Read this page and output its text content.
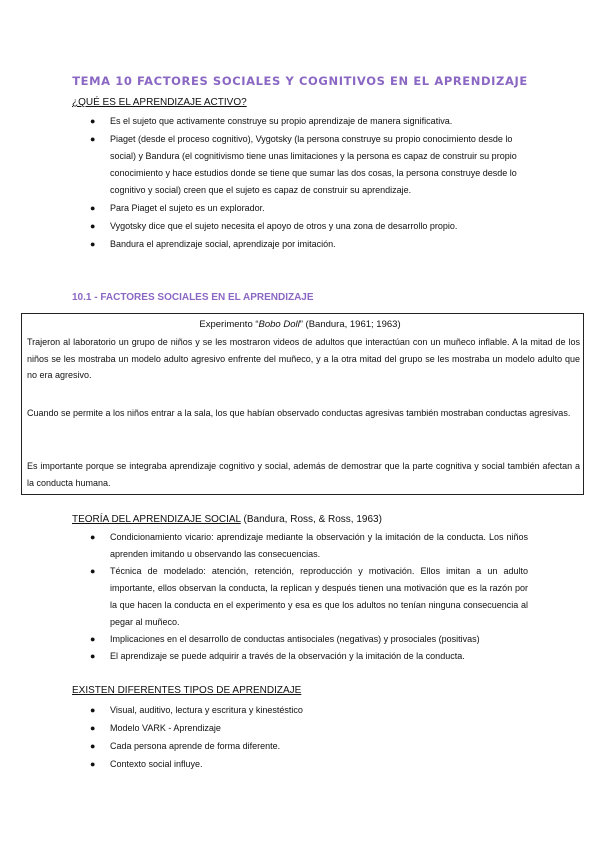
TEMA 10 FACTORES SOCIALES Y COGNITIVOS EN EL APRENDIZAJE
¿QUÉ ES EL APRENDIZAJE ACTIVO?
● Es el sujeto que activamente construye su propio aprendizaje de manera significativa.
● Piaget (desde el proceso cognitivo), Vygotsky (la persona construye su propio conocimiento desde lo social) y Bandura (el cognitivismo tiene unas limitaciones y la persona es capaz de construir su propio conocimiento y hace estudios donde se tiene que sumar las dos cosas, la persona construye desde lo cognitivo y social) creen que el sujeto es capaz de construir su aprendizaje.
● Para Piaget el sujeto es un explorador.
● Vygotsky dice que el sujeto necesita el apoyo de otros y una zona de desarrollo propio.
● Bandura el aprendizaje social, aprendizaje por imitación.
10.1 - FACTORES SOCIALES EN EL APRENDIZAJE
Experimento “Bobo Doll” (Bandura, 1961; 1963)

Trajeron al laboratorio un grupo de niños y se les mostraron videos de adultos que interactúan con un muñeco inflable. A la mitad de los niños se les mostraba un modelo adulto agresivo enfrente del muñeco, y a la otra mitad del grupo se les mostraba un modelo adulto que no era agresivo.

Cuando se permite a los niños entrar a la sala, los que habían observado conductas agresivas también mostraban conductas agresivas.

Es importante porque se integraba aprendizaje cognitivo y social, además de demostrar que la parte cognitiva y social también afectan a la conducta humana.

TEORÍA DEL APRENDIZAJE SOCIAL (Bandura, Ross, & Ross, 1963)
● Condicionamiento vicario: aprendizaje mediante la observación y la imitación de la conducta. Los niños aprenden imitando u observando las consecuencias.
● Técnica de modelado: atención, retención, reproducción y motivación. Ellos imitan a un adulto importante, ellos observan la conducta, la replican y después tienen una motivación que es la razón por la que hacen la conducta en el experimento y esa es que los adultos no tenían ninguna consecuencia al pegar al muñeco.
● Implicaciones en el desarrollo de conductas antisociales (negativas) y prosociales (positivas)
● El aprendizaje se puede adquirir a través de la observación y la imitación de la conducta.
EXISTEN DIFERENTES TIPOS DE APRENDIZAJE
● Visual, auditivo, lectura y escritura y kinestéstico
● Modelo VARK - Aprendizaje
● Cada persona aprende de forma diferente.
● Contexto social influye.
